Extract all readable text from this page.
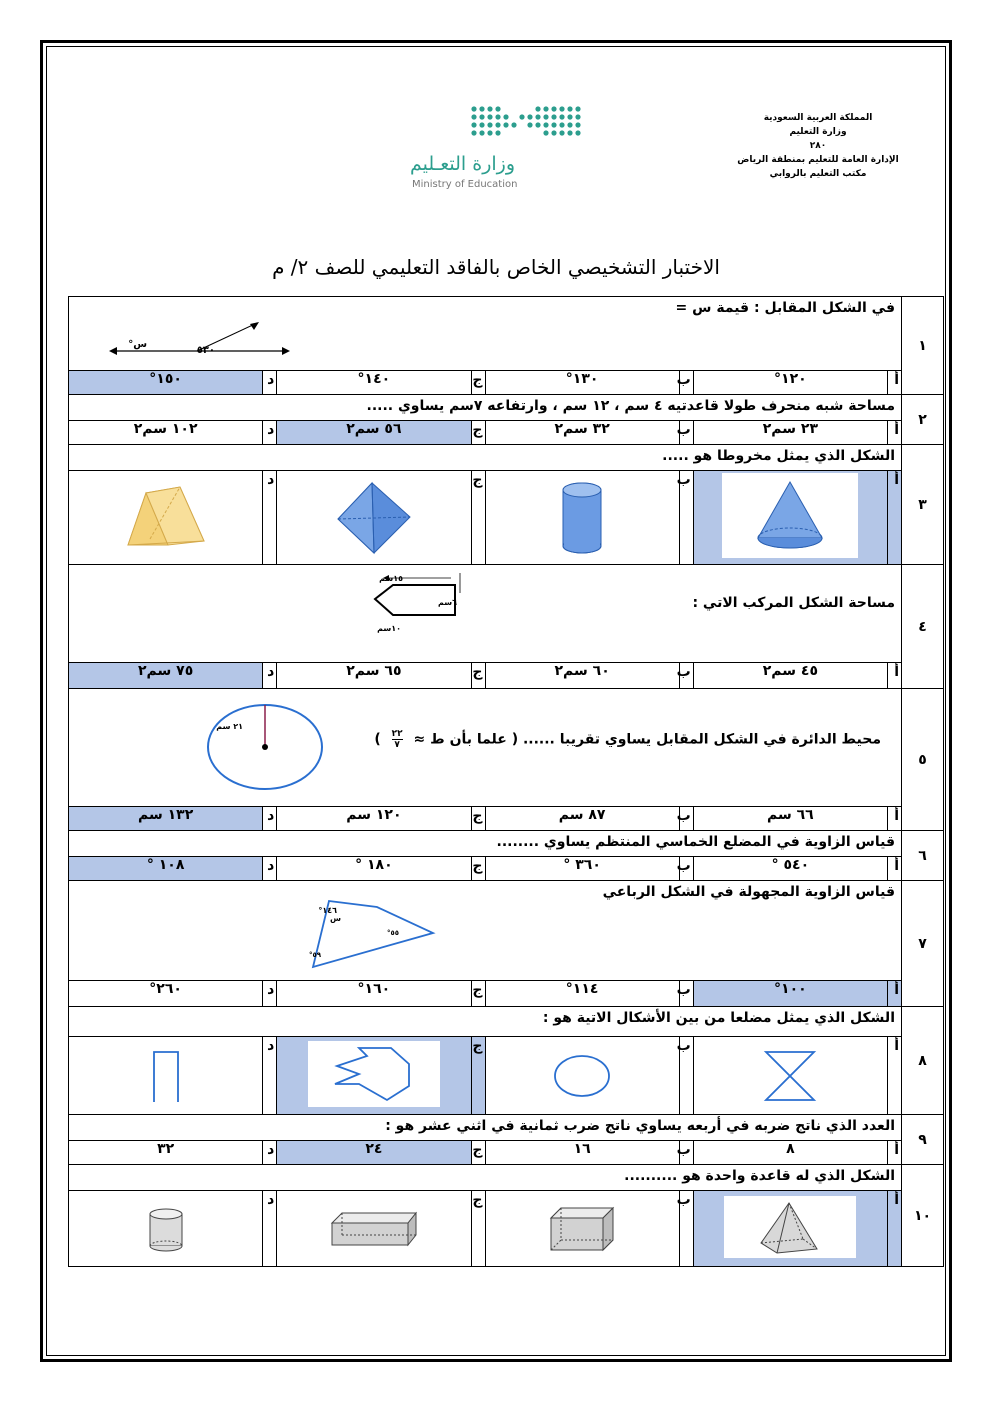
المملكة العربية السعودية
وزارة التعليم
٢٨٠
الإدارة العامة للتعليم بمنطقة الرياض
مكتب التعليم بالروابي
وزارة التعـليم
Ministry of Education
الاختبار التشخيصي الخاص بالفاقد التعليمي للصف ٢/ م
١	في الشكل المقابل : قيمة س =
س°
٥٣٠							

	أ	١٢٠°	ب	١٣٠°	ج	١٤٠°	د	١٥٠°
٢	مساحة شبه منحرف طولا قاعدتيه ٤ سم ، ١٢ سم ، وارتفاعه ٧سم يساوي .....							
	أ	٢٣ سم٢	ب	٣٢ سم٢	ج	٥٦ سم٢	د	١٠٢ سم٢
٣	الشكل الذي يمثل مخروطا هو .....							
	أ		ب		ج		د	

٤	مساحة الشكل المركب الاتي :
١٥سم
٦سم
١٠سم							

	أ	٤٥ سم٢	ب	٦٠ سم٢	ج	٦٥ سم٢	د	٧٥ سم٢
٥	محيط الدائرة في الشكل المقابل يساوي تقريبا ...... ( علما بأن ط ≈
٢٢
٧
)
٢١ سم							

	أ	٦٦ سم	ب	٨٧ سم	ج	١٢٠ سم	د	١٣٢ سم
٦	قياس الزاوية في المضلع الخماسي المنتظم يساوي ........							
	أ	٥٤٠ °	ب	٣٦٠ °	ج	١٨٠ °	د	١٠٨ °
٧	قياس الزاوية المجهولة في الشكل الرباعي
١٤٦°
س
٥٥°
٥٩°							

	أ	١٠٠°	ب	١١٤°	ج	١٦٠°	د	٢٦٠°
٨	الشكل الذي يمثل مضلعا من بين الأشكال الاتية هو :							
	أ		ب		ج		د	

٩	العدد الذي ناتج ضربه في أربعه يساوي ناتج ضرب ثمانية في اثني عشر هو :							
	أ	٨	ب	١٦	ج	٢٤	د	٣٢
١٠	الشكل الذي له قاعدة واحدة هو ..........							
	أ		ب		ج		د	
